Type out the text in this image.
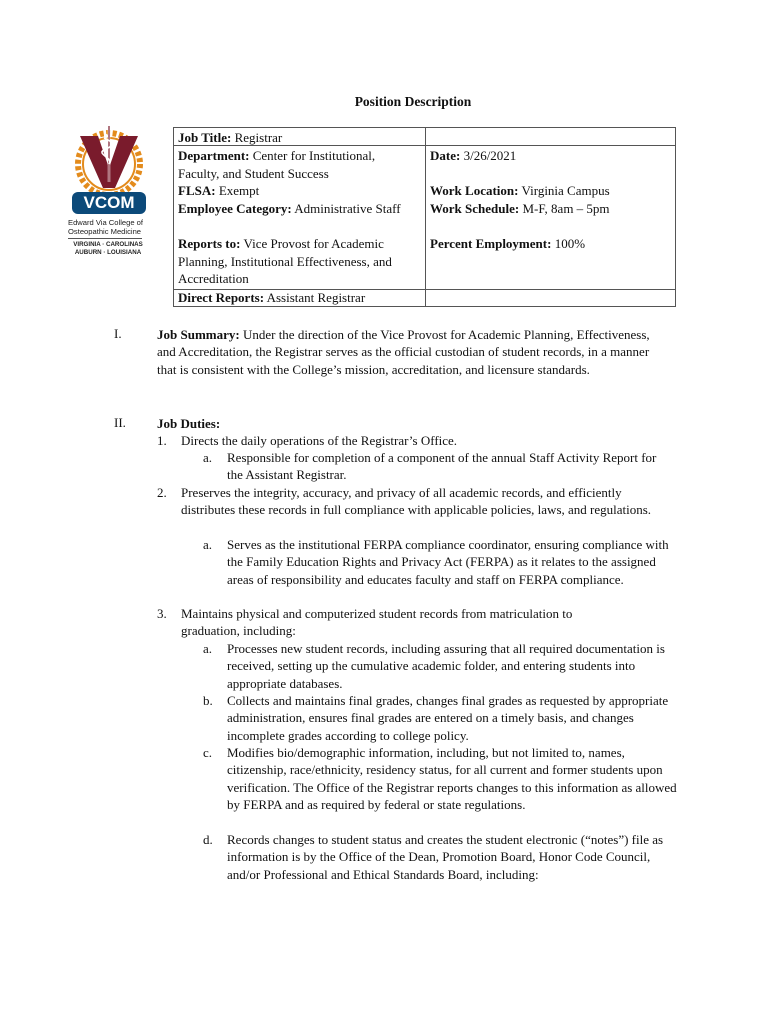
Position Description
VCOM
Edward Via College of Osteopathic Medicine
VIRGINIA · CAROLINAS AUBURN · LOUISIANA
Job Title: Registrar
Department: Center for Institutional, Faculty, and Student Success
FLSA: Exempt
Employee Category: Administrative Staff
Reports to: Vice Provost for Academic Planning, Institutional Effectiveness, and Accreditation
Date: 3/26/2021
Work Location: Virginia Campus
Work Schedule: M-F, 8am – 5pm
Percent Employment: 100%
Direct Reports: Assistant Registrar
I.	Job Summary: Under the direction of the Vice Provost for Academic Planning, Effectiveness, and Accreditation, the Registrar serves as the official custodian of student records, in a manner that is consistent with the College’s mission, accreditation, and licensure standards.
II. Job Duties:
1. Directs the daily operations of the Registrar’s Office.
a. Responsible for completion of a component of the annual Staff Activity Report for the Assistant Registrar.
2. Preserves the integrity, accuracy, and privacy of all academic records, and efficiently distributes these records in full compliance with applicable policies, laws, and regulations.
a. Serves as the institutional FERPA compliance coordinator, ensuring compliance with the Family Education Rights and Privacy Act (FERPA) as it relates to the assigned areas of responsibility and educates faculty and staff on FERPA compliance.
3. Maintains physical and computerized student records from matriculation to graduation, including:
a. Processes new student records, including assuring that all required documentation is received, setting up the cumulative academic folder, and entering students into appropriate databases.
b. Collects and maintains final grades, changes final grades as requested by appropriate administration, ensures final grades are entered on a timely basis, and changes incomplete grades according to college policy.
c. Modifies bio/demographic information, including, but not limited to, names, citizenship, race/ethnicity, residency status, for all current and former students upon verification. The Office of the Registrar reports changes to this information as allowed by FERPA and as required by federal or state regulations.
d. Records changes to student status and creates the student electronic (“notes”) file as information is by the Office of the Dean, Promotion Board, Honor Code Council, and/or Professional and Ethical Standards Board, including:
